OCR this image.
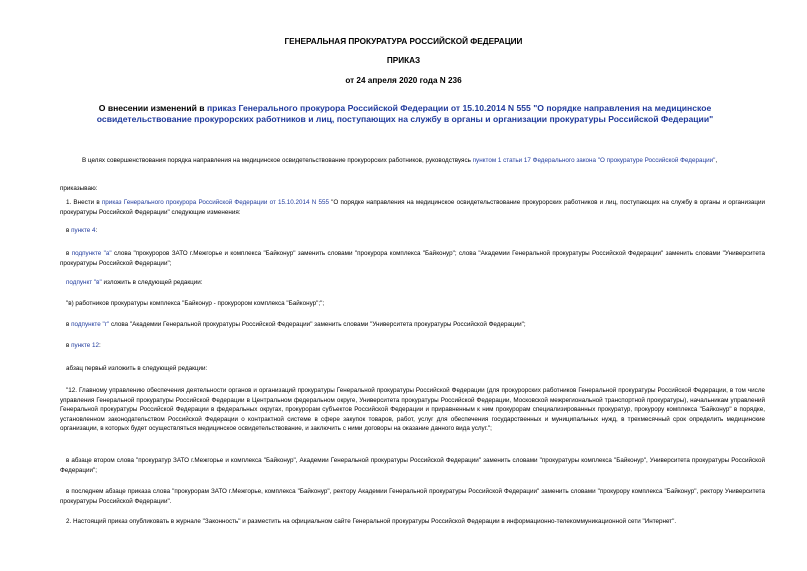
ГЕНЕРАЛЬНАЯ ПРОКУРАТУРА РОССИЙСКОЙ ФЕДЕРАЦИИ
ПРИКАЗ
от 24 апреля 2020 года N 236
О внесении изменений в приказ Генерального прокурора Российской Федерации от 15.10.2014 N 555 "О порядке направления на медицинское освидетельствование прокурорских работников и лиц, поступающих на службу в органы и организации прокуратуры Российской Федерации"
В целях совершенствования порядка направления на медицинское освидетельствование прокурорских работников, руководствуясь пунктом 1 статьи 17 Федерального закона "О прокуратуре Российской Федерации",
приказываю:
1. Внести в приказ Генерального прокурора Российской Федерации от 15.10.2014 N 555 "О порядке направления на медицинское освидетельствование прокурорских работников и лиц, поступающих на службу в органы и организации прокуратуры Российской Федерации" следующие изменения:
в пункте 4:
в подпункте "а" слова "прокуроров ЗАТО г.Межгорье и комплекса "Байконур" заменить словами "прокурора комплекса "Байконур"; слова "Академии Генеральной прокуратуры Российской Федерации" заменить словами "Университета прокуратуры Российской Федерации";
подпункт "в" изложить в следующей редакции:
"в) работников прокуратуры комплекса "Байконур - прокурором комплекса "Байконур";";
в подпункте "г" слова "Академии Генеральной прокуратуры Российской Федерации" заменить словами "Университета прокуратуры Российской Федерации";
в пункте 12:
абзац первый изложить в следующей редакции:
"12. Главному управлению обеспечения деятельности органов и организаций прокуратуры Генеральной прокуратуры Российской Федерации (для прокурорских работников Генеральной прокуратуры Российской Федерации, в том числе управления Генеральной прокуратуры Российской Федерации в Центральном федеральном округе, Университета прокуратуры Российской Федерации, Московской межрегиональной транспортной прокуратуры), начальникам управлений Генеральной прокуратуры Российской Федерации в федеральных округах, прокурорам субъектов Российской Федерации и приравненным к ним прокурорам специализированных прокуратур, прокурору комплекса "Байконур" в порядке, установленном законодательством Российской Федерации о контрактной системе в сфере закупок товаров, работ, услуг для обеспечения государственных и муниципальных нужд, в трехмесячный срок определить медицинские организации, в которых будет осуществляться медицинское освидетельствование, и заключить с ними договоры на оказание данного вида услуг.";
в абзаце втором слова "прокуратур ЗАТО г.Межгорье и комплекса "Байконур", Академии Генеральной прокуратуры Российской Федерации" заменить словами "прокуратуры комплекса "Байконур", Университета прокуратуры Российской Федерации";
в последнем абзаце приказа слова "прокурорам ЗАТО г.Межгорье, комплекса "Байконур", ректору Академии Генеральной прокуратуры Российской Федерации" заменить словами "прокурору комплекса "Байконур", ректору Университета прокуратуры Российской Федерации".
2. Настоящий приказ опубликовать в журнале "Законность" и разместить на официальном сайте Генеральной прокуратуры Российской Федерации в информационно-телекоммуникационной сети "Интернет".
